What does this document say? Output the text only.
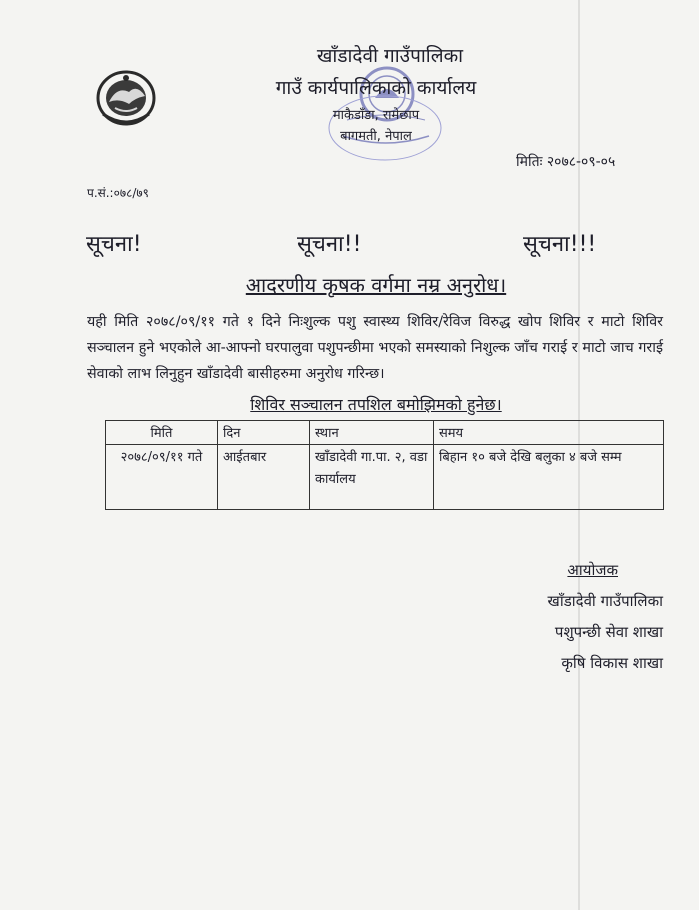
खाँडादेवी गाउँपालिका
गाउँ कार्यपालिकाको कार्यालय
माकैडाँडा, रामेछाप
बागमती, नेपाल
मितिः २०७८-०९-०५
प.सं.:०७८/७९
सूचना!	सूचना!!	सूचना!!!
आदरणीय कृषक वर्गमा नम्र अनुरोध।
यही मिति २०७८/०९/११ गते १ दिने निःशुल्क पशु स्वास्थ्य शिविर/रेविज विरुद्ध खोप शिविर र माटो शिविर सञ्चालन हुने भएकोले आ-आफ्नो घरपालुवा पशुपन्छीमा भएको समस्याको निशुल्क जाँच गराई र माटो जाच गराई सेवाको लाभ लिनुहुन खाँडादेवी बासीहरुमा अनुरोध गरिन्छ।
शिविर सञ्चालन तपशिल बमोझिमको हुनेछ।
मिति	दिन	स्थान	समय
२०७८/०९/११ गते	आईतबार	खाँडादेवी गा.पा. २, वडा कार्यालय	बिहान १० बजे देखि बलुका ४ बजे सम्म
आयोजक
खाँडादेवी गाउँपालिका
पशुपन्छी सेवा शाखा
कृषि विकास शाखा
